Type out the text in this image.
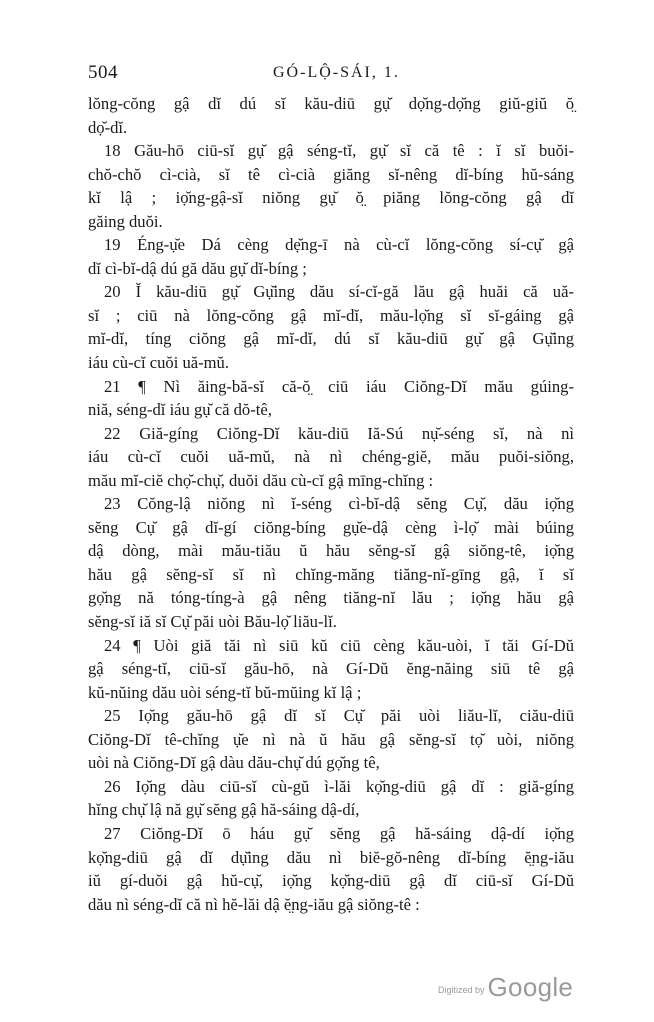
504	GÓ-LỘ-SÁI, 1.
lŏng-cŏng gậ dĭ dú sĭ kău-diū gụ̆ dọ̆ng-dọ̆ng giŭ-giŭ ŏ̤
dọ̆-dĭ.
18 Gău-hō ciū-sĭ gụ̆ gậ séng-tĭ, gụ̆ sĭ că tê : ĭ sĭ buŏi-
chŏ-chŏ cì-cià, sĭ tê cì-cià giăng sĭ-nêng dĭ-bíng hŭ-sáng
kĭ lậ ; iọ̆ng-gậ-sĭ niŏng gụ̆ ŏ̤ piăng lŏng-cŏng gậ dĭ
găing duŏi.
19 Éng-ụ̆e Dá cèng dẹ̆ng-ī nà cù-cĭ lŏng-cŏng sí-cụ̆ gậ
dĭ cì-bĭ-dậ dú gă dău gụ̆ dĭ-bíng ;
20 Ĭ kău-diū gụ̆ Gụ̆ing dău sí-cĭ-gă lău gậ huăi că uă-
sĭ ; ciū nà lŏng-cŏng gậ mĭ-dĭ, mău-lọ̆ng sĭ sĭ-gáing gậ
mĭ-dĭ, tíng ciŏng gậ mĭ-dĭ, dú sĭ kău-diū gụ̆ gậ Gụ̆ing
iáu cù-cĭ cuŏi uă-mŭ.
21 ¶ Nì ăing-bă-sĭ că-ŏ̤ ciū iáu Ciŏng-Dĭ mău gúing-
niă, séng-dĭ iáu gụ̆ că dŏ-tê,
22 Giă-gíng Ciŏng-Dĭ kău-diū Iă-Sú nụ̆-séng sĭ, nà nì
iáu cù-cĭ cuŏi uă-mŭ, nà nì chéng-giĕ, mău puŏi-siŏng,
mău mĭ-ciĕ chọ̆-chụ̆, duŏi dău cù-cĭ gậ mīng-chĭng :
23 Cŏng-lậ niŏng nì ĭ-séng cì-bĭ-dậ sĕng Cụ̆, dău iọ̆ng
sĕng Cụ̆ gậ dĭ-gí ciŏng-bíng gụ̆e-dậ cèng ì-lọ̆ mài búing
dậ dòng, mài mău-tiău ŭ hău sĕng-sĭ gậ siŏng-tê, iọ̆ng
hău gậ sĕng-sĭ sĭ nì chĭng-măng tiăng-nĭ-gīng gậ, ĭ sĭ
gọ̆ng nă tóng-tíng-à gậ nêng tiăng-nĭ lău ; iọ̆ng hău gậ
sĕng-sĭ iă sĭ Cụ̆ păi uòi Bău-lọ̆ liău-lĭ.
24 ¶ Uòi giă tăi nì siū kŭ ciū cèng kău-uòi, ĭ tăi Gí-Dŭ
gậ séng-tĭ, ciū-sĭ gău-hō, nà Gí-Dŭ ĕng-năing siū tê gậ
kŭ-nŭing dău uòi séng-tĭ bŭ-mŭing kĭ lậ ;
25 Iọ̆ng gău-hō gậ dĭ sĭ Cụ̆ păi uòi liău-lĭ, ciău-diū
Ciŏng-Dĭ tê-chĭng ụ̆e nì nà ŭ hău gậ sĕng-sĭ tọ̆ uòi, niŏng
uòi nà Ciŏng-Dĭ gậ dàu dău-chụ̆ dú gọ̆ng tê,
26 Iọ̆ng dàu ciū-sĭ cù-gŭ ì-lăi kọ̆ng-diū gậ dĭ : giă-gíng
hĭng chụ̆ lậ nă gụ̆ sĕng gậ hă-sáing dậ-dí,
27 Ciŏng-Dĭ ō háu gụ̆ sĕng gậ hă-sáing dậ-dí iọ̆ng
kọ̆ng-diū gậ dĭ dụ̆ing dău nì biĕ-gŏ-nêng dĭ-bíng ĕ̤ng-iău
iŭ gí-duŏi gậ hŭ-cụ̆, iọ̆ng kọ̆ng-diū gậ dĭ ciū-sĭ Gí-Dŭ
dău nì séng-dĭ că nì hĕ-lăi dậ ĕ̤ng-iău gậ siŏng-tê :
Digitized by Google
